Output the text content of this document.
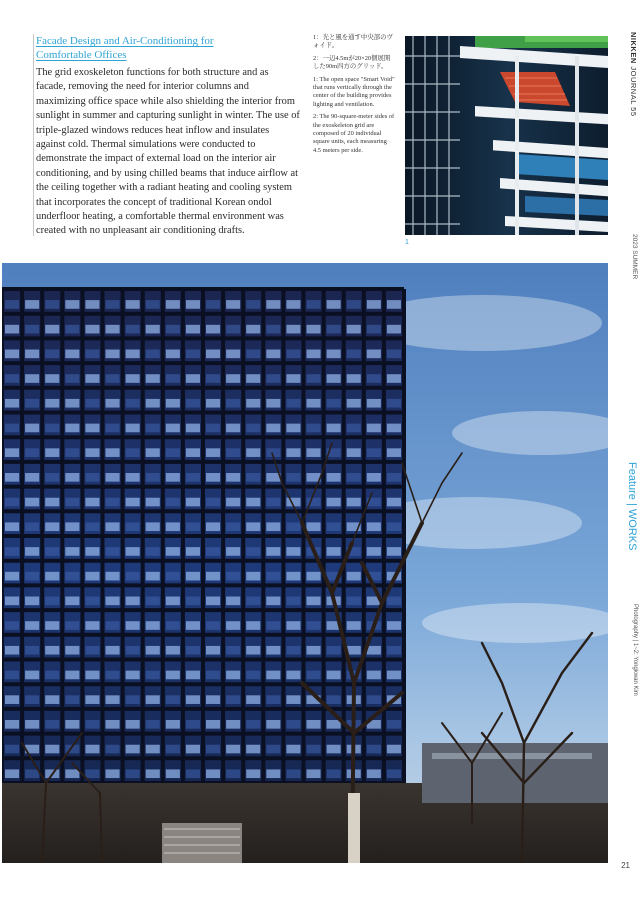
Facade Design and Air-Conditioning for
Comfortable Offices
The grid exoskeleton functions for both structure and as facade, removing the need for interior columns and maximizing office space while also shielding the interior from sunlight in summer and capturing sunlight in winter. The use of triple-glazed windows reduces heat inflow and insulates against cold. Thermal simulations were conducted to demonstrate the impact of external load on the interior air conditioning, and by using chilled beams that induce airflow at the ceiling together with a radiant heating and cooling system that incorporates the concept of traditional Korean ondol underfloor heating, a comfortable thermal environment was created with no unpleasant air conditioning drafts.

1：光と風を通す中央部のヴォイド。

2：一辺4.5mが20×20個展開した90m四方のグリッド。

1: The open space "Smart Void" that runs vertically through the center of the building provides lighting and ventilation.

2: The 90-square-meter sides of the exoskeleton grid are composed of 20 individual square units, each measuring 4.5 meters per side.

1
NIKKEN JOURNAL 55
2023 SUMMER
Feature | WORKS
Photography | 1~2: Yongkwan Kim
21
